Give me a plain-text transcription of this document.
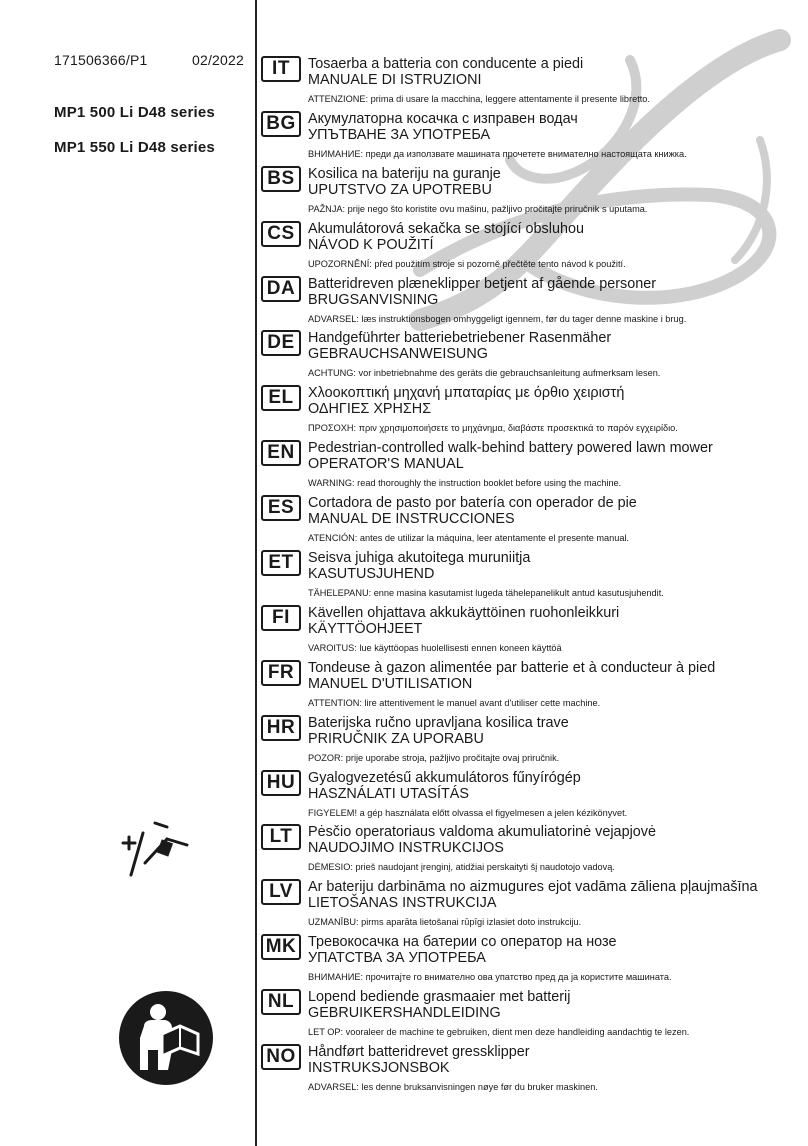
171506366/P1	02/2022
MP1 500 Li D48 series
MP1 550 Li D48 series
IT	Tosaerba a batteria con conducente a piedi
MANUALE DI ISTRUZIONI
ATTENZIONE: prima di usare la macchina, leggere attentamente il presente libretto.
BG Акумулаторна косачка с изправен водач
УПЪТВАНЕ ЗА УПОТРЕБА
ВНИМАНИЕ: преди да използвате машината прочетете внимателно настоящата книжка.
BS Kosilica na bateriju na guranje
UPUTSTVO ZA UPOTREBU
PAŽNJA: prije nego što koristite ovu mašinu, pažljivo pročitajte priručnik s uputama.
CS Akumulátorová sekačka se stojící obsluhou
NÁVOD K POUŽITÍ
UPOZORNĚNÍ: před použitím stroje si pozorně přečtěte tento návod k použití.
DA Batteridreven plæneklipper betjent af gående personer
BRUGSANVISNING
ADVARSEL: læs instruktionsbogen omhyggeligt igennem, før du tager denne maskine i brug.
DE Handgeführter batteriebetriebener Rasenmäher
GEBRAUCHSANWEISUNG
ACHTUNG: vor inbetriebnahme des geräts die gebrauchsanleitung aufmerksam lesen.
EL Χλοοκοπτική μηχανή μπαταρίας με όρθιο χειριστή
ΟΔΗΓΙΕΣ ΧΡΗΣΗΣ
ΠΡΟΣΟΧΗ: πριν χρησιμοποιήσετε το μηχάνημα, διαβάστε προσεκτικά το παρόν εγχειρίδιο.
EN Pedestrian-controlled walk-behind battery powered lawn mower
OPERATOR'S MANUAL
WARNING: read thoroughly the instruction booklet before using the machine.
ES Cortadora de pasto por batería con operador de pie
MANUAL DE INSTRUCCIONES
ATENCIÓN: antes de utilizar la máquina, leer atentamente el presente manual.
ET Seisva juhiga akutoitega muruniitja
KASUTUSJUHEND
TÄHELEPANU: enne masina kasutamist lugeda tähelepanelikult antud kasutusjuhendit.
FI	Kävellen ohjattava akkukäyttöinen ruohonleikkuri
KÄYTTÖOHJEET
VAROITUS: lue käyttöopas huolellisesti ennen koneen käyttöä
FR Tondeuse à gazon alimentée par batterie et à conducteur à pied
MANUEL D'UTILISATION
ATTENTION: lire attentivement le manuel avant d'utiliser cette machine.
HR Baterijska ručno upravljana kosilica trave
PRIRUČNIK ZA UPORABU
POZOR: prije uporabe stroja, pažljivo pročitajte ovaj priručnik.
HU Gyalogvezetésű akkumulátoros fűnyírógép
HASZNÁLATI UTASÍTÁS
FIGYELEM! a gép használata előtt olvassa el figyelmesen a jelen kézikönyvet.
LT	Pėsčio operatoriaus valdoma akumuliatorinė vejapjovė
NAUDOJIMO INSTRUKCIJOS
DĖMESIO: prieš naudojant įrenginį, atidžiai perskaityti šį naudotojo vadovą.
LV	Ar bateriju darbināma no aizmugures ejot vadāma zāliena pļaujmašīna
LIETOŠANAS INSTRUKCIJA
UZMANĪBU: pirms aparāta lietošanai rūpīgi izlasiet doto instrukciju.
MK Тревокосачка на батерии со оператор на нозе
УПАТСТВА ЗА УПОТРЕБА
ВНИМАНИЕ: прочитајте го внимателно ова упатство пред да ја користите машината.
NL Lopend bediende grasmaaier met batterij
GEBRUIKERSHANDLEIDING
LET OP: vooraleer de machine te gebruiken, dient men deze handleiding aandachtig te lezen.
NO Håndført batteridrevet gressklipper
INSTRUKSJONSBOK
ADVARSEL: les denne bruksanvisningen nøye før du bruker maskinen.
